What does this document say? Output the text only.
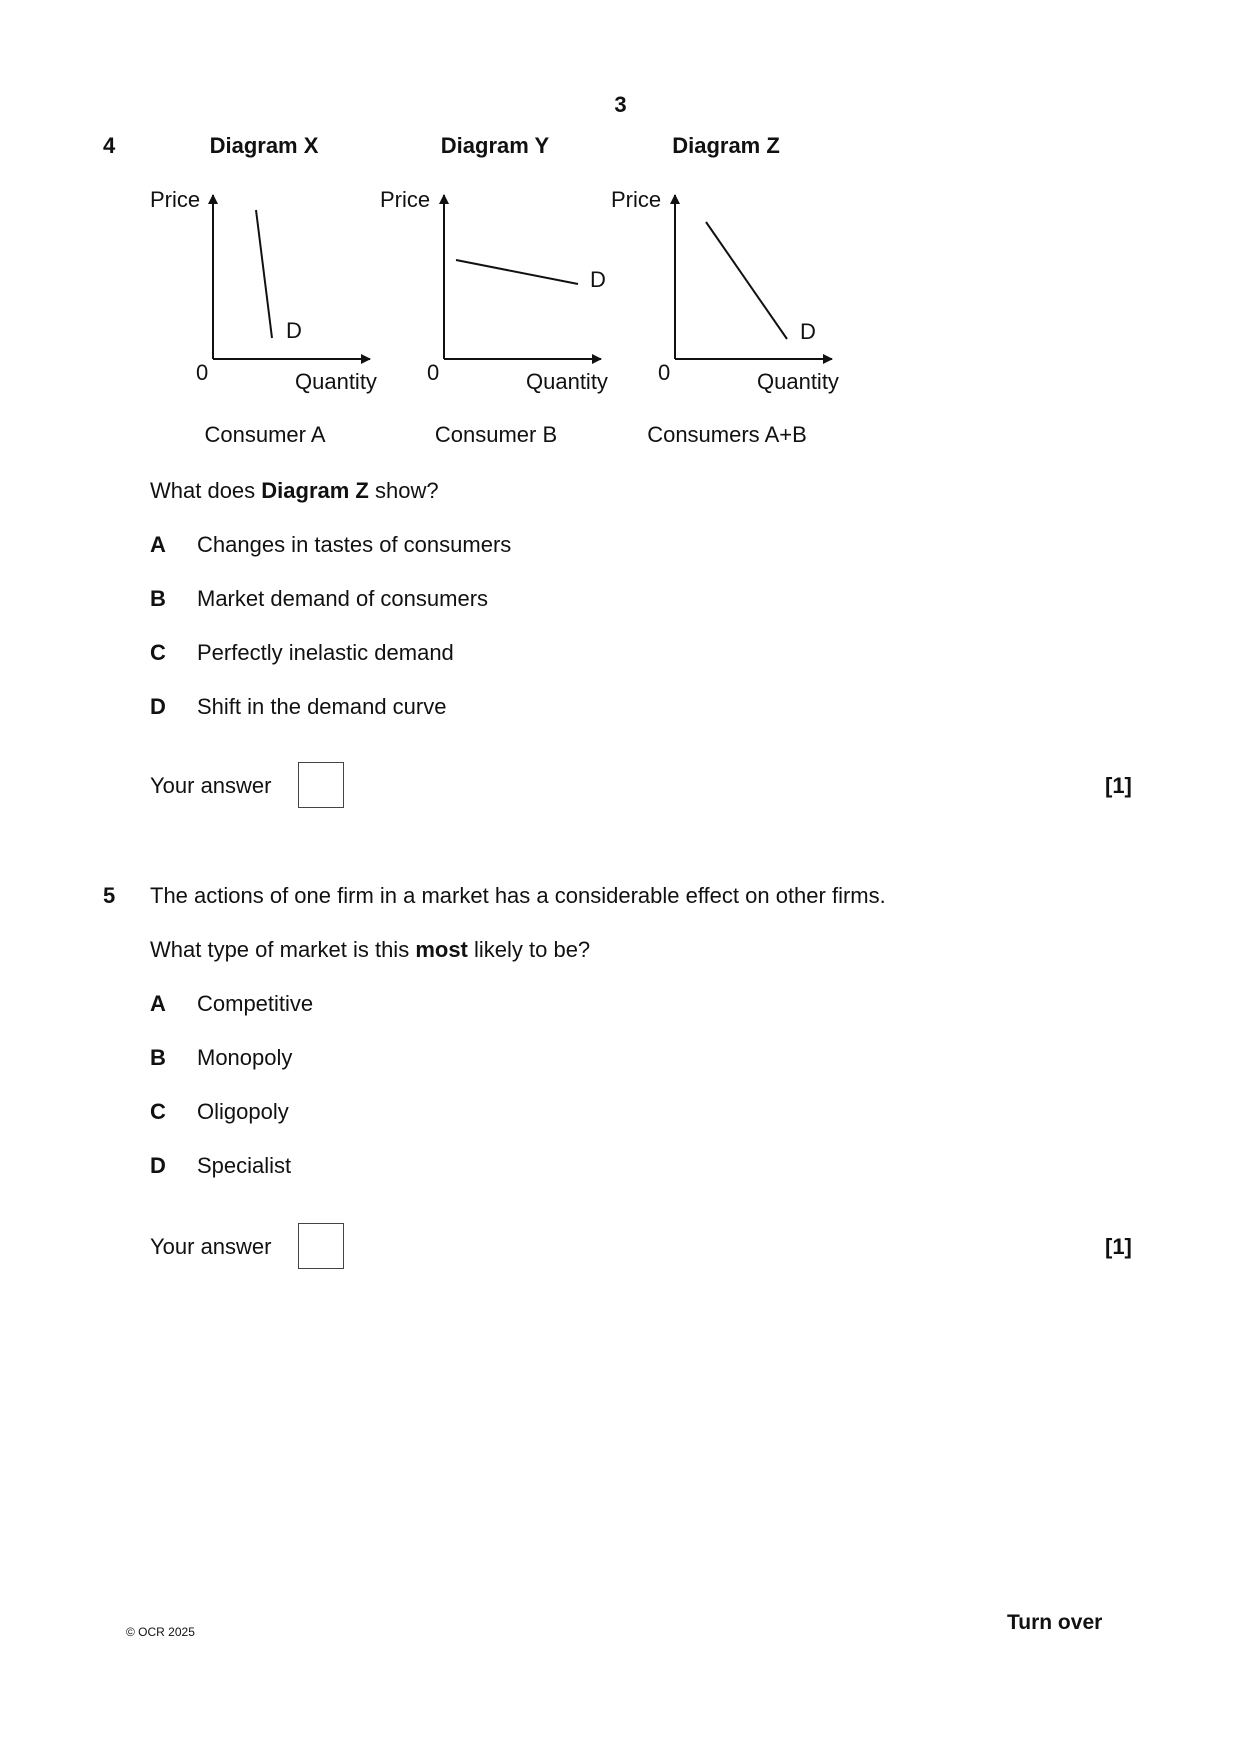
3
4	Diagram X	Diagram Y	Diagram Z
Price
D
0	Quantity
Price
D
0	Quantity
Price
D
0	Quantity
Consumer A	Consumer B	Consumers A+B
What does Diagram Z show?
A Changes in tastes of consumers
B Market demand of consumers
C Perfectly inelastic demand
D Shift in the demand curve
Your answer	[1]
5 The actions of one firm in a market has a considerable effect on other firms.
What type of market is this most likely to be?
A Competitive
B Monopoly
C Oligopoly
D Specialist
Your answer	[1]
© OCR 2025	Turn over
